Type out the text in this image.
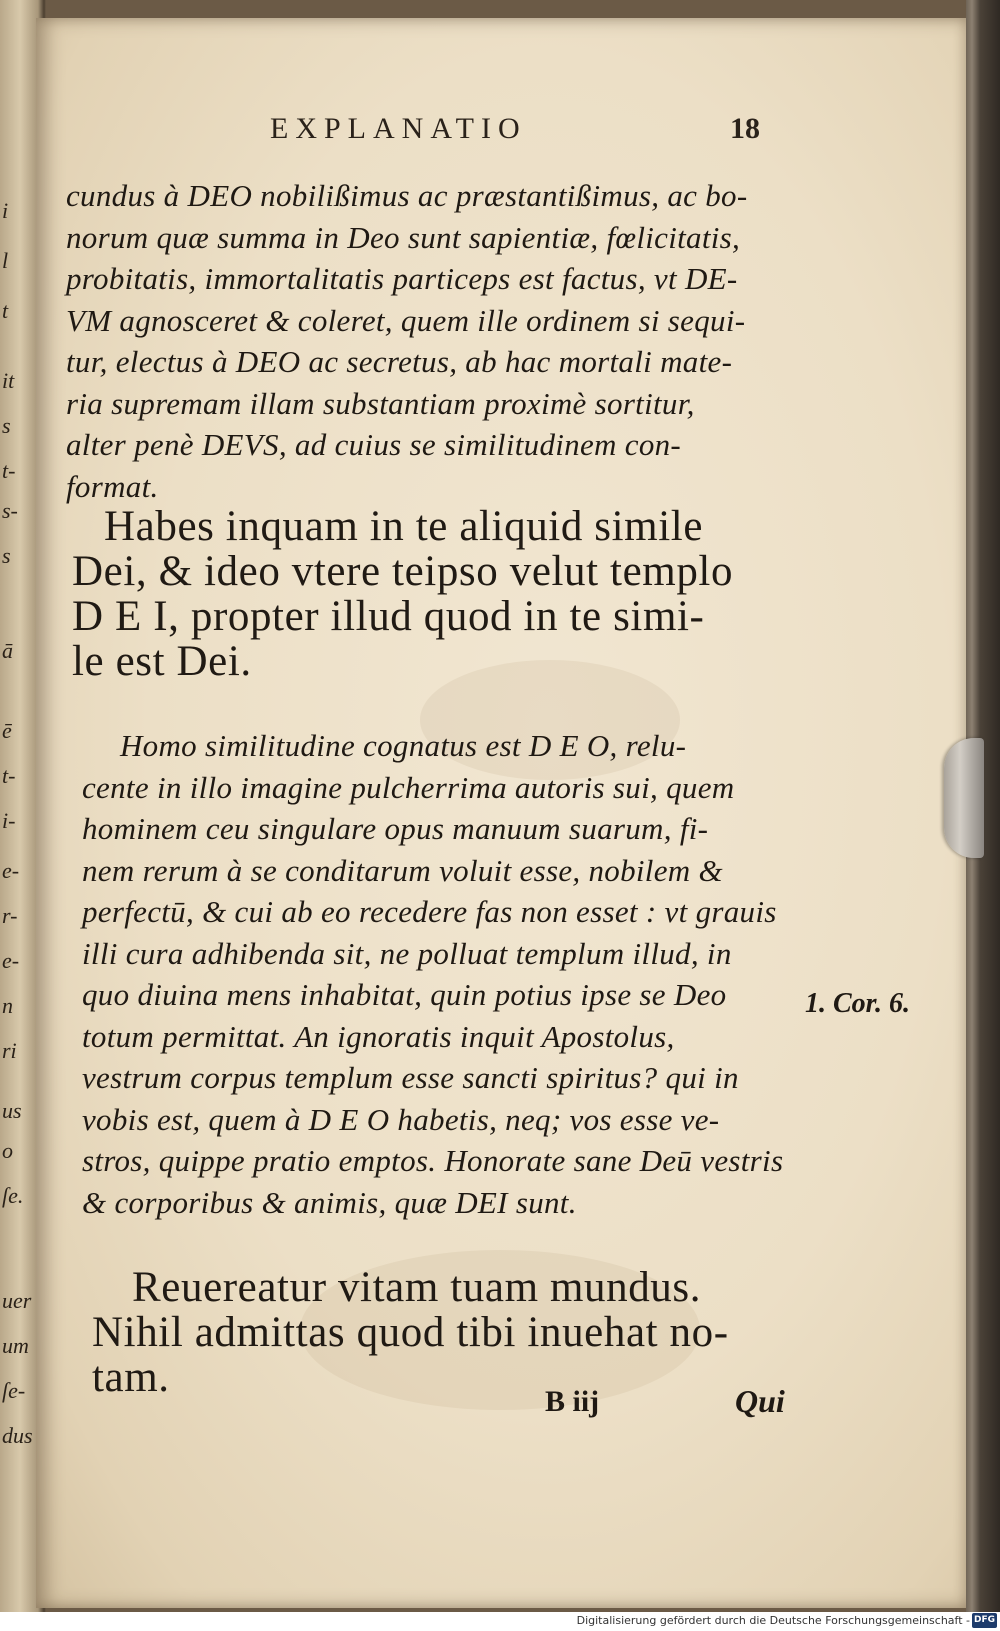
i
l
t
it
s
t-
s-
s
ā
ē
t-
i-
e-
r-
e-
n
ri
us
o
ſe.
uer
um
ſe-
dus
EXPLANATIO	18
cundus à DEO nobilißimus ac præstantißimus, ac bo-
norum quæ summa in Deo sunt sapientiæ, fœlicitatis,
probitatis, immortalitatis particeps est factus, vt DE-
VM agnosceret & coleret, quem ille ordinem si sequi-
tur, electus à DEO ac secretus, ab hac mortali mate-
ria supremam illam substantiam proximè sortitur,
alter penè DEVS, ad cuius se similitudinem con-
format.
Habes inquam in te aliquid simile
Dei, & ideo vtere teipso velut templo
D E I, propter illud quod in te simi-
le est Dei.
Homo similitudine cognatus est D E O, relu-
cente in illo imagine pulcherrima autoris sui, quem
hominem ceu singulare opus manuum suarum, fi-
nem rerum à se conditarum voluit esse, nobilem &
perfectū, & cui ab eo recedere fas non esset : vt grauis
illi cura adhibenda sit, ne polluat templum illud, in
quo diuina mens inhabitat, quin potius ipse se Deo
totum permittat. An ignoratis inquit Apostolus,
vestrum corpus templum esse sancti spiritus? qui in
vobis est, quem à D E O habetis, neq; vos esse ve-
stros, quippe pratio emptos. Honorate sane Deū vestris
& corporibus & animis, quæ DEI sunt.
1. Cor. 6.
Reuereatur vitam tuam mundus.
Nihil admittas quod tibi inuehat no-
tam.
B iij	Qui
Digitalisierung gefördert durch die Deutsche Forschungsgemeinschaft - DFG
